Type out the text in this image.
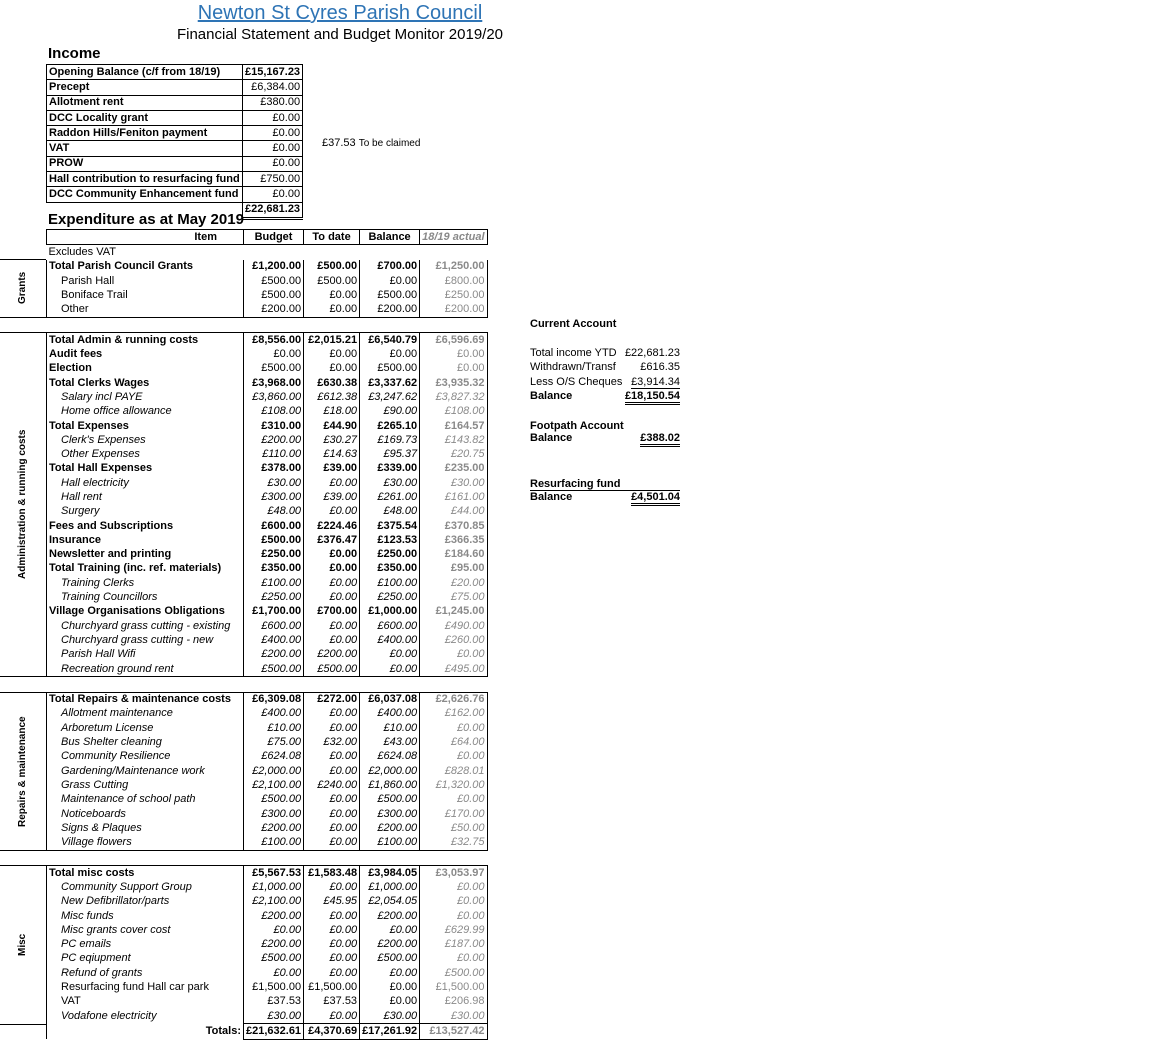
Newton St Cyres Parish Council
Financial Statement and Budget Monitor 2019/20
Income
Opening Balance (c/f from 18/19)	£15,167.23
Precept	£6,384.00
Allotment rent	£380.00
DCC Locality grant	£0.00
Raddon Hills/Feniton payment	£0.00
VAT	£0.00
PROW	£0.00
Hall contribution to resurfacing fund	£750.00
DCC Community Enhancement fund	£0.00
	£22,681.23
£37.53 To be claimed
Expenditure as at May 2019
Item	Budget	To date	Balance	18/19 actual
Excludes VAT				
Total Parish Council Grants	£1,200.00	£500.00	£700.00	£1,250.00
Parish Hall	£500.00	£500.00	£0.00	£800.00
Boniface Trail	£500.00	£0.00	£500.00	£250.00
Other	£200.00	£0.00	£200.00	£200.00

Total Admin & running costs	£8,556.00	£2,015.21	£6,540.79	£6,596.69
Audit fees	£0.00	£0.00	£0.00	£0.00
Election	£500.00	£0.00	£500.00	£0.00
Total Clerks Wages	£3,968.00	£630.38	£3,337.62	£3,935.32
Salary incl PAYE	£3,860.00	£612.38	£3,247.62	£3,827.32
Home office allowance	£108.00	£18.00	£90.00	£108.00
Total Expenses	£310.00	£44.90	£265.10	£164.57
Clerk's Expenses	£200.00	£30.27	£169.73	£143.82
Other Expenses	£110.00	£14.63	£95.37	£20.75
Total Hall Expenses	£378.00	£39.00	£339.00	£235.00
Hall electricity	£30.00	£0.00	£30.00	£30.00
Hall rent	£300.00	£39.00	£261.00	£161.00
Surgery	£48.00	£0.00	£48.00	£44.00
Fees and Subscriptions	£600.00	£224.46	£375.54	£370.85
Insurance	£500.00	£376.47	£123.53	£366.35
Newsletter and printing	£250.00	£0.00	£250.00	£184.60
Total Training (inc. ref. materials)	£350.00	£0.00	£350.00	£95.00
Training Clerks	£100.00	£0.00	£100.00	£20.00
Training Councillors	£250.00	£0.00	£250.00	£75.00
Village Organisations Obligations	£1,700.00	£700.00	£1,000.00	£1,245.00
Churchyard grass cutting - existing	£600.00	£0.00	£600.00	£490.00
Churchyard grass cutting - new	£400.00	£0.00	£400.00	£260.00
Parish Hall Wifi	£200.00	£200.00	£0.00	£0.00
Recreation ground rent	£500.00	£500.00	£0.00	£495.00

Total Repairs & maintenance costs	£6,309.08	£272.00	£6,037.08	£2,626.76
Allotment maintenance	£400.00	£0.00	£400.00	£162.00
Arboretum License	£10.00	£0.00	£10.00	£0.00
Bus Shelter cleaning	£75.00	£32.00	£43.00	£64.00
Community Resilience	£624.08	£0.00	£624.08	£0.00
Gardening/Maintenance work	£2,000.00	£0.00	£2,000.00	£828.01
Grass Cutting	£2,100.00	£240.00	£1,860.00	£1,320.00
Maintenance of school path	£500.00	£0.00	£500.00	£0.00
Noticeboards	£300.00	£0.00	£300.00	£170.00
Signs & Plaques	£200.00	£0.00	£200.00	£50.00
Village flowers	£100.00	£0.00	£100.00	£32.75

Total misc costs	£5,567.53	£1,583.48	£3,984.05	£3,053.97
Community Support Group	£1,000.00	£0.00	£1,000.00	£0.00
New Defibrillator/parts	£2,100.00	£45.95	£2,054.05	£0.00
Misc funds	£200.00	£0.00	£200.00	£0.00
Misc grants cover cost	£0.00	£0.00	£0.00	£629.99
PC emails	£200.00	£0.00	£200.00	£187.00
PC eqiupment	£500.00	£0.00	£500.00	£0.00
Refund of grants	£0.00	£0.00	£0.00	£500.00
Resurfacing fund Hall car park	£1,500.00	£1,500.00	£0.00	£1,500.00
VAT	£37.53	£37.53	£0.00	£206.98
Vodafone electricity	£30.00	£0.00	£30.00	£30.00
Totals:	£21,632.61	£4,370.69	£17,261.92	£13,527.42
Grants
Administration & running costs
Repairs & maintenance
Misc
Current Account
Total income YTD £22,681.23
Withdrawn/Transf £616.35
Less O/S Cheques £3,914.34
Balance	£18,150.54
Footpath Account
Balance	£388.02
Resurfacing fund
Balance	£4,501.04
